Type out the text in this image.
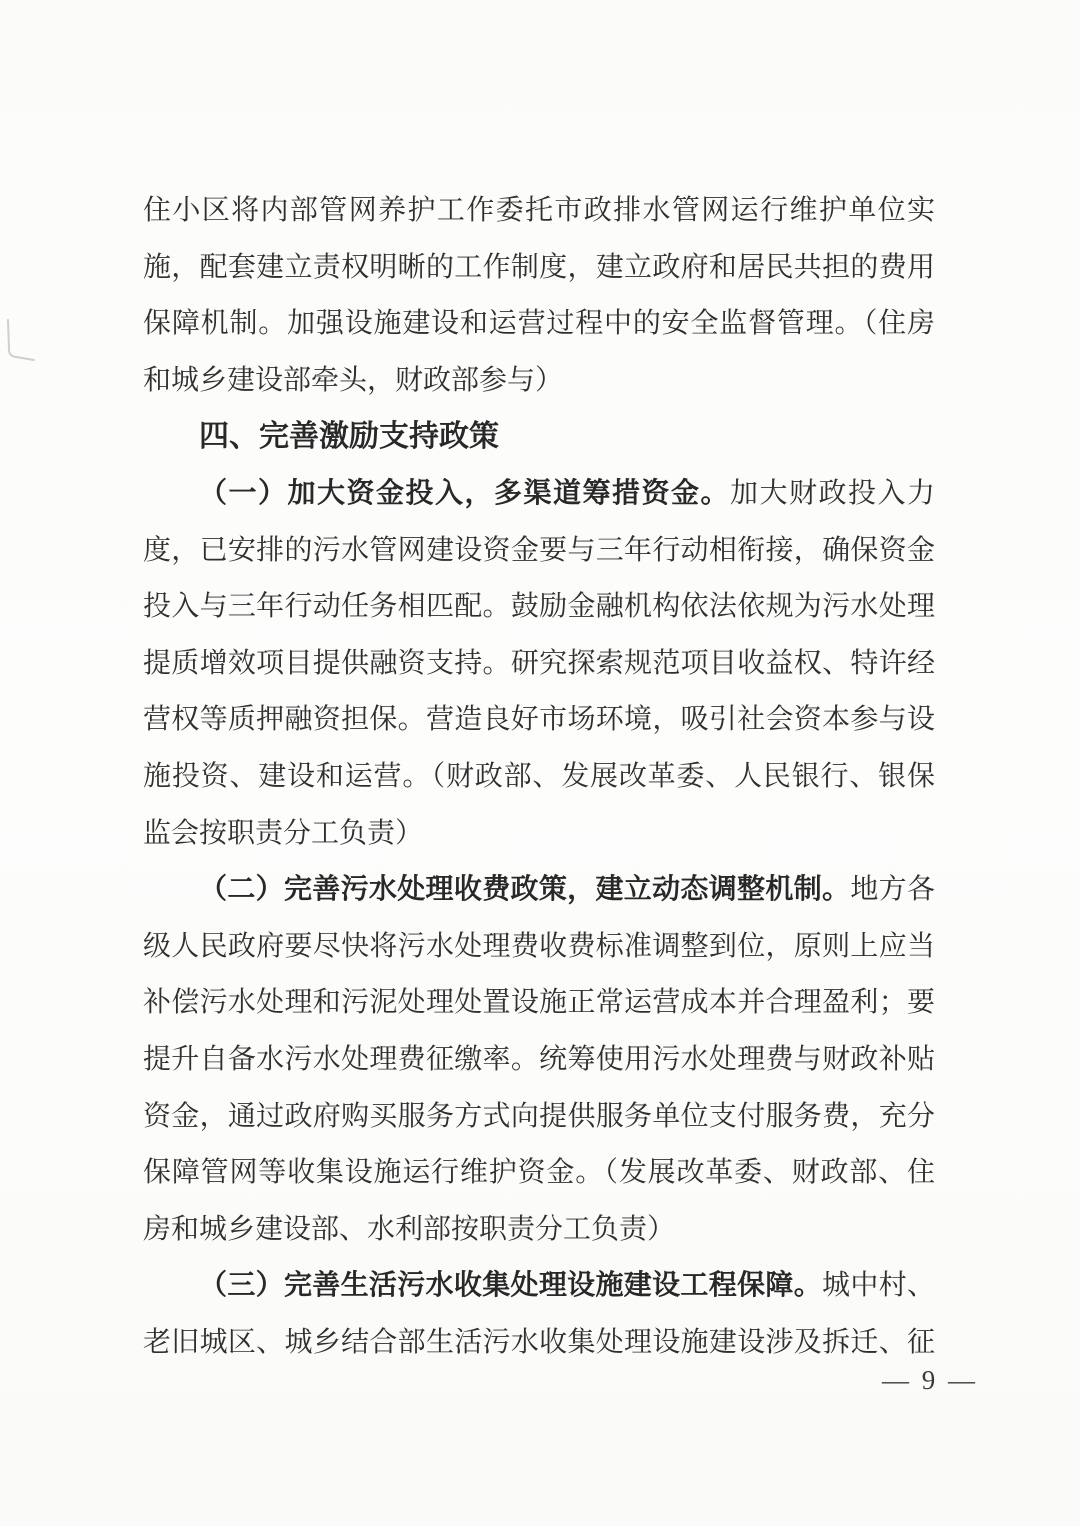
住小区将内部管网养护工作委托市政排水管网运行维护单位实
施，配套建立责权明晰的工作制度，建立政府和居民共担的费用
保障机制。加强设施建设和运营过程中的安全监督管理。（住房
和城乡建设部牵头，财政部参与）
四、完善激励支持政策
（一）加大资金投入，多渠道筹措资金。加大财政投入力
度，已安排的污水管网建设资金要与三年行动相衔接，确保资金
投入与三年行动任务相匹配。鼓励金融机构依法依规为污水处理
提质增效项目提供融资支持。研究探索规范项目收益权、特许经
营权等质押融资担保。营造良好市场环境，吸引社会资本参与设
施投资、建设和运营。（财政部、发展改革委、人民银行、银保
监会按职责分工负责）
（二）完善污水处理收费政策，建立动态调整机制。地方各
级人民政府要尽快将污水处理费收费标准调整到位，原则上应当
补偿污水处理和污泥处理处置设施正常运营成本并合理盈利；要
提升自备水污水处理费征缴率。统筹使用污水处理费与财政补贴
资金，通过政府购买服务方式向提供服务单位支付服务费，充分
保障管网等收集设施运行维护资金。（发展改革委、财政部、住
房和城乡建设部、水利部按职责分工负责）
（三）完善生活污水收集处理设施建设工程保障。城中村、
老旧城区、城乡结合部生活污水收集处理设施建设涉及拆迁、征
— 9 —
